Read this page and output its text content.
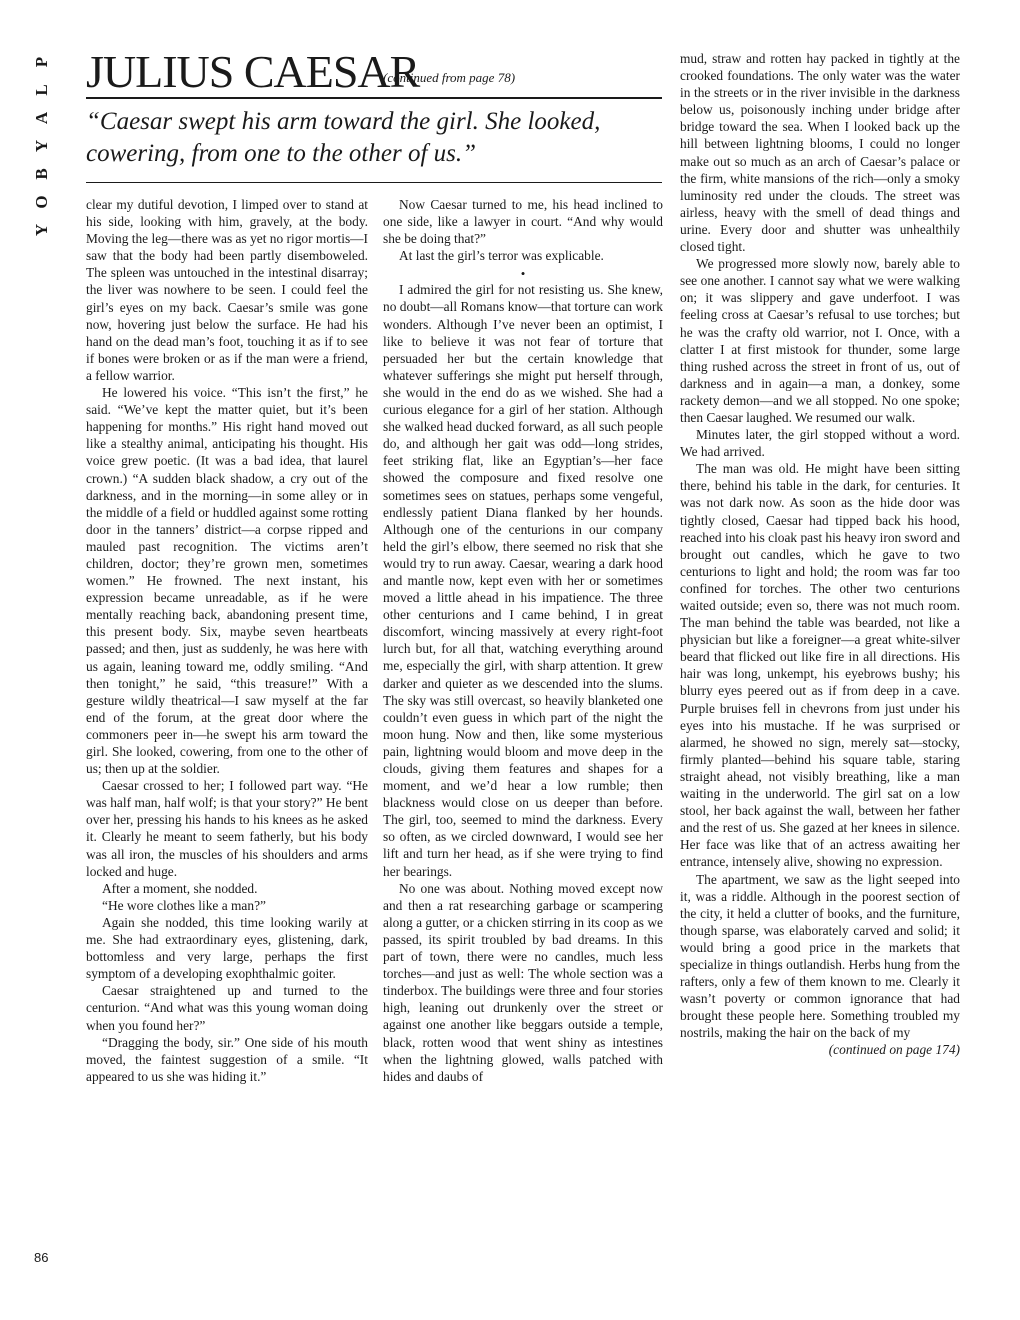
P
L
A
Y
B
O
Y
JULIUS CAESAR
(continued from page 78)
“Caesar swept his arm toward the girl. She looked, cowering, from one to the other of us.”

clear my dutiful devotion, I limped over to stand at his side, looking with him, gravely, at the body. Moving the leg—there was as yet no rigor mortis—I saw that the body had been partly disemboweled. The spleen was untouched in the intestinal disarray; the liver was nowhere to be seen. I could feel the girl’s eyes on my back. Caesar’s smile was gone now, hovering just below the surface. He had his hand on the dead man’s foot, touching it as if to see if bones were broken or as if the man were a friend, a fellow warrior.

He lowered his voice. “This isn’t the first,” he said. “We’ve kept the matter quiet, but it’s been happening for months.” His right hand moved out like a stealthy animal, anticipating his thought. His voice grew poetic. (It was a bad idea, that laurel crown.) “A sudden black shadow, a cry out of the darkness, and in the morning—in some alley or in the middle of a field or huddled against some rotting door in the tanners’ district—a corpse ripped and mauled past recognition. The victims aren’t children, doctor; they’re grown men, sometimes women.” He frowned. The next instant, his expression became unreadable, as if he were mentally reaching back, abandoning present time, this present body. Six, maybe seven heartbeats passed; and then, just as suddenly, he was here with us again, leaning toward me, oddly smiling. “And then tonight,” he said, “this treasure!” With a gesture wildly theatrical—I saw myself at the far end of the forum, at the great door where the commoners peer in—he swept his arm toward the girl. She looked, cowering, from one to the other of us; then up at the soldier.

Caesar crossed to her; I followed part way. “He was half man, half wolf; is that your story?” He bent over her, pressing his hands to his knees as he asked it. Clearly he meant to seem fatherly, but his body was all iron, the muscles of his shoulders and arms locked and huge.

After a moment, she nodded.

“He wore clothes like a man?”

Again she nodded, this time looking warily at me. She had extraordinary eyes, glistening, dark, bottomless and very large, perhaps the first symptom of a developing exophthalmic goiter.

Caesar straightened up and turned to the centurion. “And what was this young woman doing when you found her?”

“Dragging the body, sir.” One side of his mouth moved, the faintest suggestion of a smile. “It appeared to us she was hiding it.”

Now Caesar turned to me, his head inclined to one side, like a lawyer in court. “And why would she be doing that?”

At last the girl’s terror was explicable.

•

I admired the girl for not resisting us. She knew, no doubt—all Romans know—that torture can work wonders. Although I’ve never been an optimist, I like to believe it was not fear of torture that persuaded her but the certain knowledge that whatever sufferings she might put herself through, she would in the end do as we wished. She had a curious elegance for a girl of her station. Although she walked head ducked forward, as all such people do, and although her gait was odd—long strides, feet striking flat, like an Egyptian’s—her face showed the composure and fixed resolve one sometimes sees on statues, perhaps some vengeful, endlessly patient Diana flanked by her hounds. Although one of the centurions in our company held the girl’s elbow, there seemed no risk that she would try to run away. Caesar, wearing a dark hood and mantle now, kept even with her or sometimes moved a little ahead in his impatience. The three other centurions and I came behind, I in great discomfort, wincing massively at every right-foot lurch but, for all that, watching everything around me, especially the girl, with sharp attention. It grew darker and quieter as we descended into the slums. The sky was still overcast, so heavily blanketed one couldn’t even guess in which part of the night the moon hung. Now and then, like some mysterious pain, lightning would bloom and move deep in the clouds, giving them features and shapes for a moment, and we’d hear a low rumble; then blackness would close on us deeper than before. The girl, too, seemed to mind the darkness. Every so often, as we circled downward, I would see her lift and turn her head, as if she were trying to find her bearings.

No one was about. Nothing moved except now and then a rat researching garbage or scampering along a gutter, or a chicken stirring in its coop as we passed, its spirit troubled by bad dreams. In this part of town, there were no candles, much less torches—and just as well: The whole section was a tinderbox. The buildings were three and four stories high, leaning out drunkenly over the street or against one another like beggars outside a temple, black, rotten wood that went shiny as intestines when the lightning glowed, walls patched with hides and daubs of

mud, straw and rotten hay packed in tightly at the crooked foundations. The only water was the water in the streets or in the river invisible in the darkness below us, poisonously inching under bridge after bridge toward the sea. When I looked back up the hill between lightning blooms, I could no longer make out so much as an arch of Caesar’s palace or the firm, white mansions of the rich—only a smoky luminosity red under the clouds. The street was airless, heavy with the smell of dead things and urine. Every door and shutter was unhealthily closed tight.

We progressed more slowly now, barely able to see one another. I cannot say what we were walking on; it was slippery and gave underfoot. I was feeling cross at Caesar’s refusal to use torches; but he was the crafty old warrior, not I. Once, with a clatter I at first mistook for thunder, some large thing rushed across the street in front of us, out of darkness and in again—a man, a donkey, some rackety demon—and we all stopped. No one spoke; then Caesar laughed. We resumed our walk.

Minutes later, the girl stopped without a word. We had arrived.

The man was old. He might have been sitting there, behind his table in the dark, for centuries. It was not dark now. As soon as the hide door was tightly closed, Caesar had tipped back his hood, reached into his cloak past his heavy iron sword and brought out candles, which he gave to two centurions to light and hold; the room was far too confined for torches. The other two centurions waited outside; even so, there was not much room. The man behind the table was bearded, not like a physician but like a foreigner—a great white-silver beard that flicked out like fire in all directions. His hair was long, unkempt, his eyebrows bushy; his blurry eyes peered out as if from deep in a cave. Purple bruises fell in chevrons from just under his eyes into his mustache. If he was surprised or alarmed, he showed no sign, merely sat—stocky, firmly planted—behind his square table, staring straight ahead, not visibly breathing, like a man waiting in the underworld. The girl sat on a low stool, her back against the wall, between her father and the rest of us. She gazed at her knees in silence. Her face was like that of an actress awaiting her entrance, intensely alive, showing no expression.

The apartment, we saw as the light seeped into it, was a riddle. Although in the poorest section of the city, it held a clutter of books, and the furniture, though sparse, was elaborately carved and solid; it would bring a good price in the markets that specialize in things outlandish. Herbs hung from the rafters, only a few of them known to me. Clearly it wasn’t poverty or common ignorance that had brought these people here. Something troubled my nostrils, making the hair on the back of my

(continued on page 174)
86
